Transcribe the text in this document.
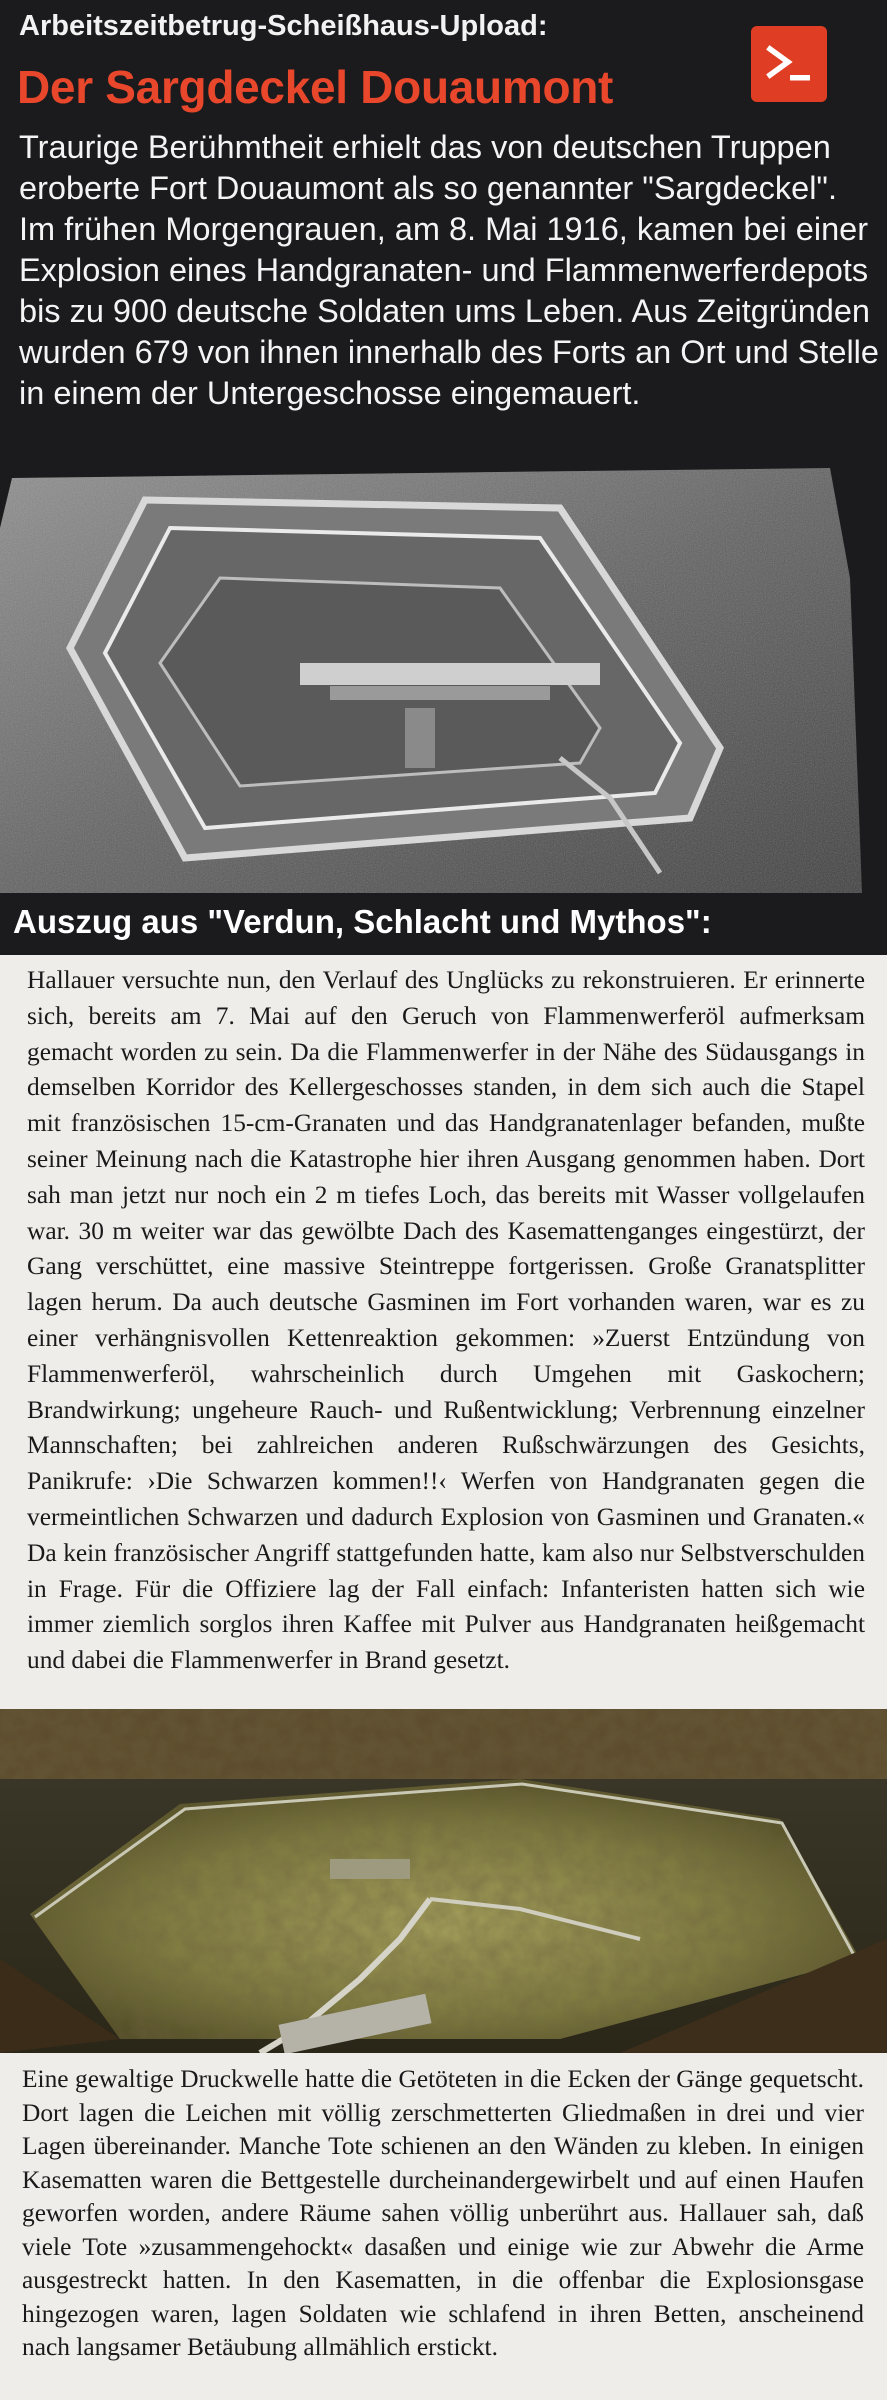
Arbeitszeitbetrug-Scheißhaus-Upload:
Der Sargdeckel Douaumont

Traurige Berühmtheit erhielt das von deutschen Truppen eroberte Fort Douaumont als so genannter "Sargdeckel". Im frühen Morgengrauen, am 8. Mai 1916, kamen bei einer Explosion eines Handgranaten- und Flammenwerferdepots bis zu 900 deutsche Soldaten ums Leben. Aus Zeitgründen wurden 679 von ihnen innerhalb des Forts an Ort und Stelle in einem der Untergeschosse eingemauert.

Auszug aus "Verdun, Schlacht und Mythos":

Hallauer versuchte nun, den Verlauf des Unglücks zu rekonstruieren. Er erinnerte sich, bereits am 7. Mai auf den Geruch von Flammenwerferöl aufmerksam gemacht worden zu sein. Da die Flammenwerfer in der Nähe des Südausgangs in demselben Korridor des Kellergeschosses standen, in dem sich auch die Stapel mit französischen 15-cm-Granaten und das Handgranatenlager befanden, mußte seiner Meinung nach die Katastrophe hier ihren Ausgang genommen haben. Dort sah man jetzt nur noch ein 2 m tiefes Loch, das bereits mit Wasser vollgelaufen war. 30 m weiter war das gewölbte Dach des Kasemattenganges eingestürzt, der Gang verschüttet, eine massive Steintreppe fortgerissen. Große Granatsplitter lagen herum. Da auch deutsche Gasminen im Fort vorhanden waren, war es zu einer verhängnisvollen Kettenreaktion gekommen: »Zuerst Entzündung von Flammenwerferöl, wahrscheinlich durch Umgehen mit Gaskochern; Brandwirkung; ungeheure Rauch- und Rußentwicklung; Verbrennung einzelner Mannschaften; bei zahlreichen anderen Rußschwärzungen des Gesichts, Panikrufe: ›Die Schwarzen kommen!!‹ Werfen von Handgranaten gegen die vermeintlichen Schwarzen und dadurch Explosion von Gasminen und Granaten.« Da kein französischer Angriff stattgefunden hatte, kam also nur Selbstverschulden in Frage. Für die Offiziere lag der Fall einfach: Infanteristen hatten sich wie immer ziemlich sorglos ihren Kaffee mit Pulver aus Handgranaten heißgemacht und dabei die Flammenwerfer in Brand gesetzt.

Eine gewaltige Druckwelle hatte die Getöteten in die Ecken der Gänge gequetscht. Dort lagen die Leichen mit völlig zerschmetterten Gliedmaßen in drei und vier Lagen übereinander. Manche Tote schienen an den Wänden zu kleben. In einigen Kasematten waren die Bettgestelle durcheinandergewirbelt und auf einen Haufen geworfen worden, andere Räume sahen völlig unberührt aus. Hallauer sah, daß viele Tote »zusammengehockt« dasaßen und einige wie zur Abwehr die Arme ausgestreckt hatten. In den Kasematten, in die offenbar die Explosionsgase hingezogen waren, lagen Soldaten wie schlafend in ihren Betten, anscheinend nach langsamer Betäubung allmählich erstickt.
